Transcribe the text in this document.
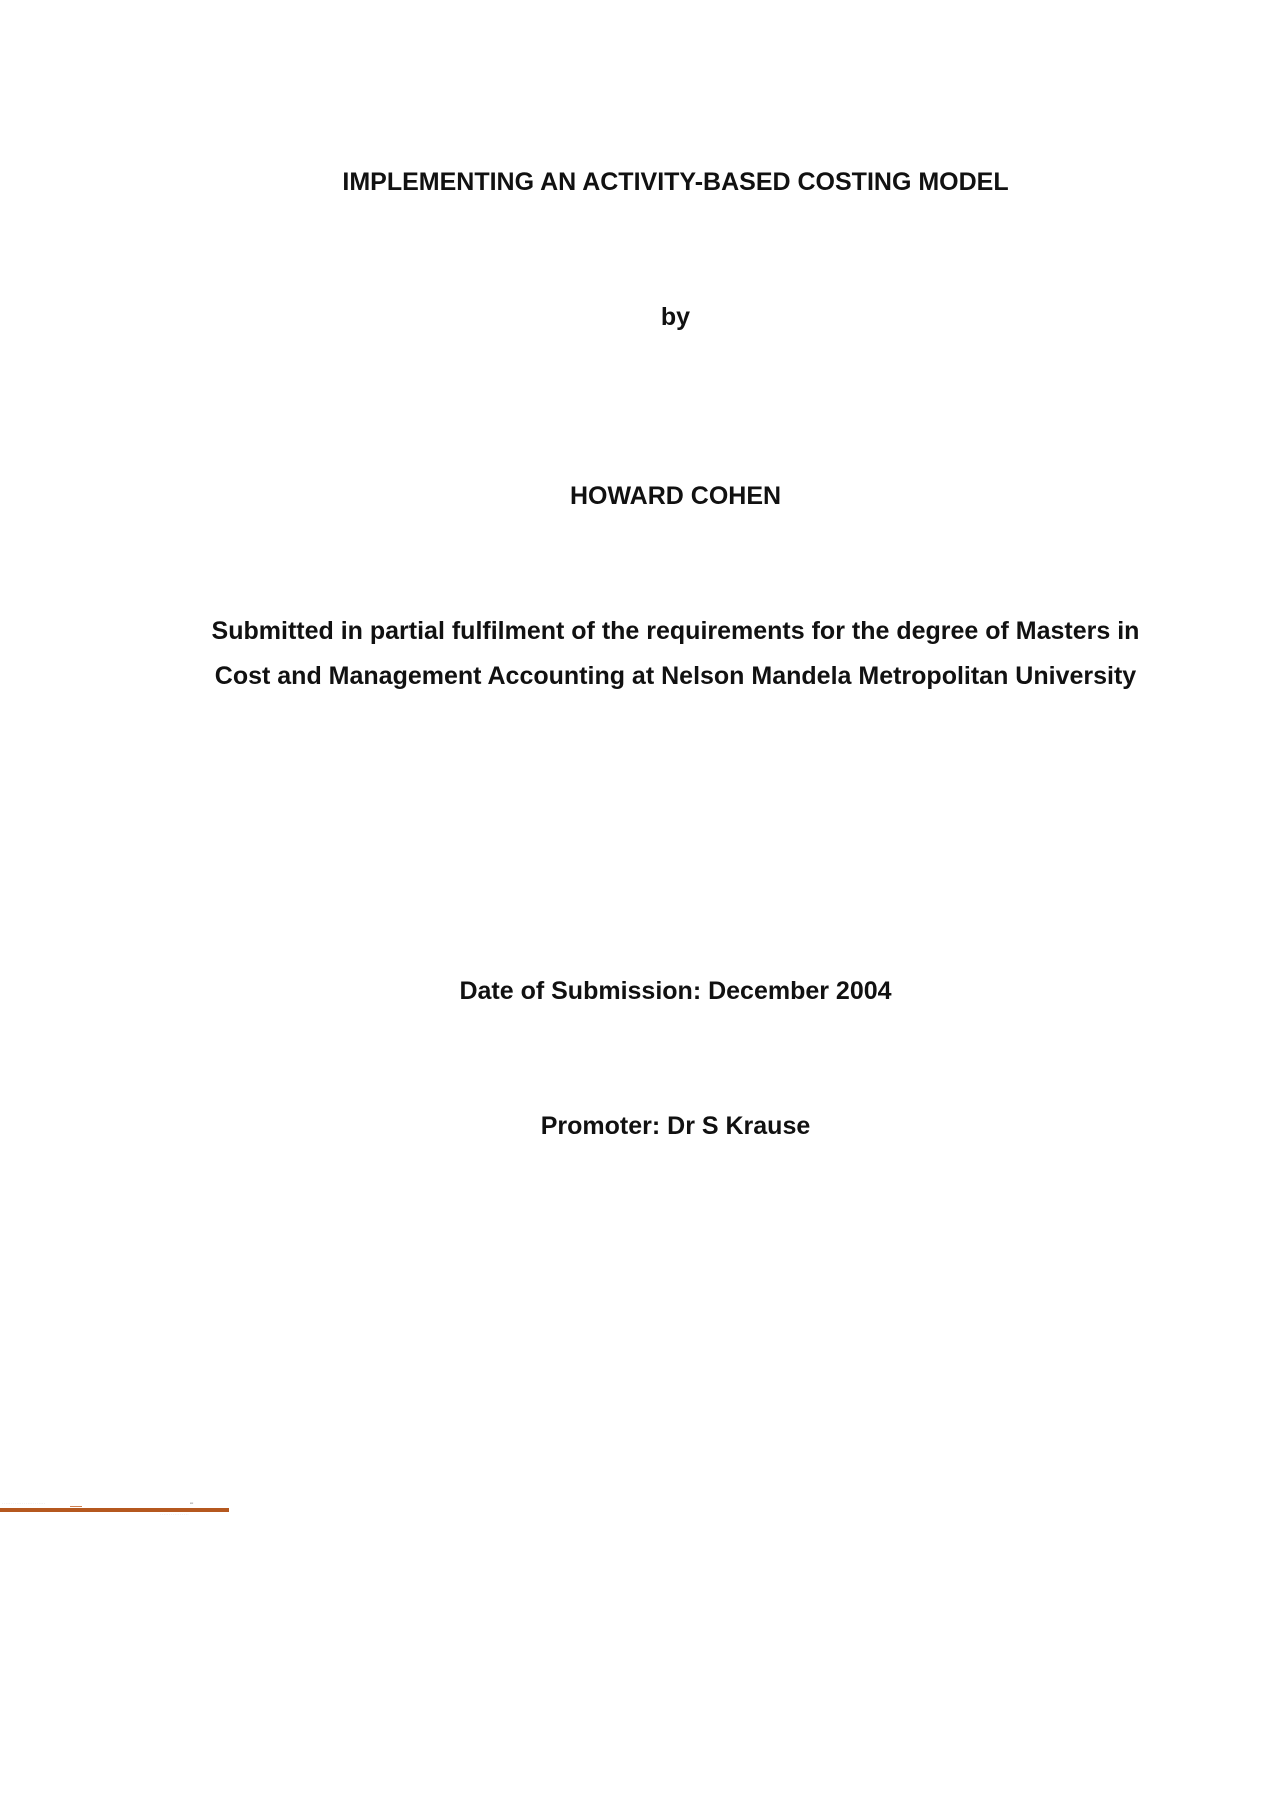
IMPLEMENTING AN ACTIVITY-BASED COSTING MODEL
by
HOWARD COHEN
Submitted in partial fulfilment of the requirements for the degree of Masters in
Cost and Management Accounting at Nelson Mandela Metropolitan University
Date of Submission: December 2004
Promoter: Dr S Krause
· · · · · · · · · · · · · · · · · · · · · · · ·	▪▪▪
· · · · · · · · · · · · · · · ·
